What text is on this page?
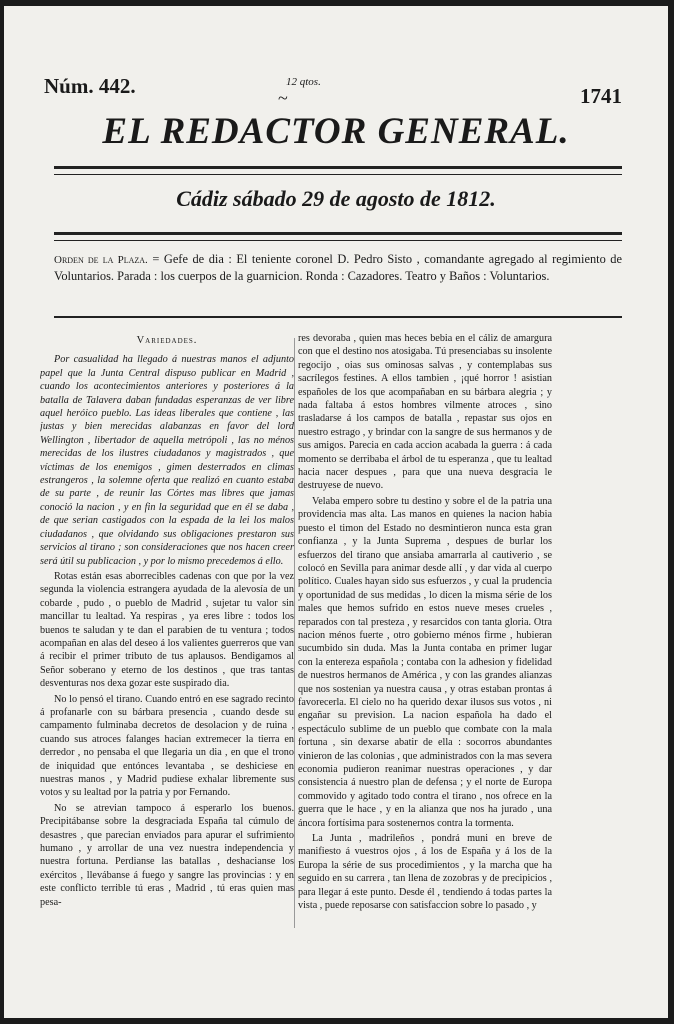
Núm. 442.	12 qtos.
~	1741
EL REDACTOR GENERAL.
Cádiz sábado 29 de agosto de 1812.
Orden de la Plaza. = Gefe de dia : El teniente coronel D. Pedro Sisto , comandante agregado al regimiento de Voluntarios. Parada : los cuerpos de la guarnicion. Ronda : Cazadores. Teatro y Baños : Voluntarios.
Variedades.

Por casualidad ha llegado á nuestras manos el adjunto papel que la Junta Central dispuso publicar en Madrid , cuando los acontecimientos anteriores y posteriores á la batalla de Talavera daban fundadas esperanzas de ver libre aquel heróico pueblo. Las ideas liberales que contiene , las justas y bien merecidas alabanzas en favor del lord Wellington , libertador de aquella metrópoli , las no ménos merecidas de los ilustres ciudadanos y magistrados , que víctimas de los enemigos , gimen desterrados en climas estrangeros , la solemne oferta que realizó en cuanto estaba de su parte , de reunir las Córtes mas libres que jamas conoció la nacion , y en fin la seguridad que en él se daba , de que serian castigados con la espada de la lei los malos ciudadanos , que olvidando sus obligaciones prestaron sus servicios al tirano ; son consideraciones que nos hacen creer será útil su publicacion , y por lo mismo precedemos á ello.

Rotas están esas aborrecibles cadenas con que por la vez segunda la violencia estrangera ayudada de la alevosía de un cobarde , pudo , o pueblo de Madrid , sujetar tu valor sin mancillar tu lealtad. Ya respiras , ya eres libre : todos los buenos te saludan y te dan el parabien de tu ventura ; todos acompañan en alas del deseo á los valientes guerreros que van á recibir el primer tributo de tus aplausos. Bendigamos al Señor soberano y eterno de los destinos , que tras tantas desventuras nos dexa gozar este suspirado dia.

No lo pensó el tirano. Cuando entró en ese sagrado recinto á profanarle con su bárbara presencia , cuando desde su campamento fulminaba decretos de desolacion y de ruina , cuando sus atroces falanges hacian extremecer la tierra en derredor , no pensaba el que llegaria un dia , en que el trono de iniquidad que entónces levantaba , se deshiciese en nuestras manos , y Madrid pudiese exhalar libremente sus votos y su lealtad por la patria y por Fernando.

No se atrevian tampoco á esperarlo los buenos. Precipitábanse sobre la desgraciada España tal cúmulo de desastres , que parecian enviados para apurar el sufrimiento humano , y arrollar de una vez nuestra independencia y nuestra fortuna. Perdianse las batallas , deshacianse los exércitos , llevábanse á fuego y sangre las provincias : y en este conflicto terrible tú eras , Madrid , tú eras quien mas pesa-

res devoraba , quien mas heces bebia en el cáliz de amargura con que el destino nos atosigaba. Tú presenciabas su insolente regocijo , oias sus ominosas salvas , y contemplabas sus sacrílegos festines. A ellos tambien , ¡qué horror ! asistian españoles de los que acompañaban en su bárbara alegria ; y nada faltaba á estos hombres vilmente atroces , sino trasladarse á los campos de batalla , repastar sus ojos en nuestro estrago , y brindar con la sangre de sus hermanos y de sus amigos. Parecia en cada accion acabada la guerra : á cada momento se derribaba el árbol de tu esperanza , que tu lealtad hacia nacer despues , para que una nueva desgracia le destruyese de nuevo.

Velaba empero sobre tu destino y sobre el de la patria una providencia mas alta. Las manos en quienes la nacion habia puesto el timon del Estado no desmintieron nunca esta gran confianza , y la Junta Suprema , despues de burlar los esfuerzos del tirano que ansiaba amarrarla al cautiverio , se colocó en Sevilla para animar desde allí , y dar vida al cuerpo político. Cuales hayan sido sus esfuerzos , y cual la prudencia y oportunidad de sus medidas , lo dicen la misma série de los males que hemos sufrido en estos nueve meses crueles , reparados con tal presteza , y resarcidos con tanta gloria. Otra nacion ménos fuerte , otro gobierno ménos firme , hubieran sucumbido sin duda. Mas la Junta contaba en primer lugar con la entereza española ; contaba con la adhesion y fidelidad de nuestros hermanos de América , y con las grandes alianzas que nos sostenian ya nuestra causa , y otras estaban prontas á favorecerla. El cielo no ha querido dexar ilusos sus votos , ni engañar su prevision. La nacion española ha dado el espectáculo sublime de un pueblo que combate con la mala fortuna , sin dexarse abatir de ella : socorros abundantes vinieron de las colonias , que administrados con la mas severa economia pudieron reanimar nuestras operaciones , y dar consistencia á nuestro plan de defensa ; y el norte de Europa commovido y agitado todo contra el tirano , nos ofrece en la guerra que le hace , y en la alianza que nos ha jurado , una áncora fortísima para sostenernos contra la tormenta.

La Junta , madrileños , pondrá muni en breve de manifiesto á vuestros ojos , á los de España y á los de la Europa la série de sus procedimientos , y la marcha que ha seguido en su carrera , tan llena de zozobras y de precipicios , para llegar á este punto. Desde él , tendiendo á todas partes la vista , puede reposarse con satisfaccion sobre lo pasado , y
